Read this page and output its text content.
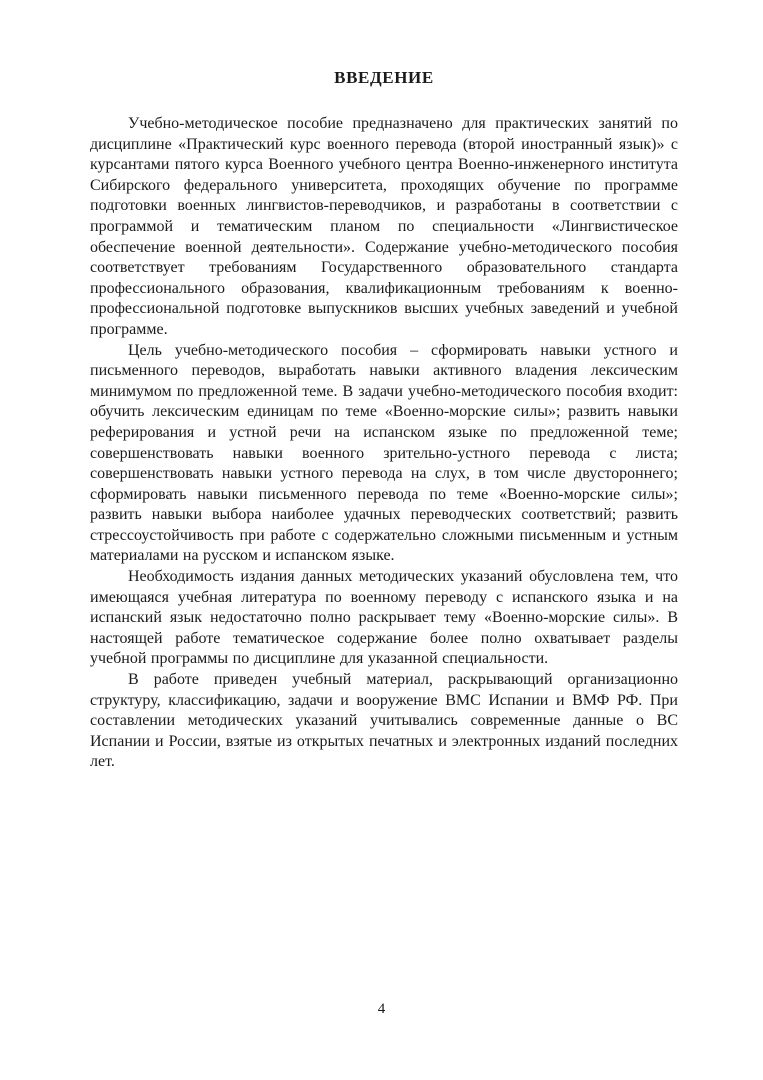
ВВЕДЕНИЕ

Учебно-методическое пособие предназначено для практических занятий по дисциплине «Практический курс военного перевода (второй иностранный язык)» с курсантами пятого курса Военного учебного центра Военно-инженерного института Сибирского федерального университета, проходящих обучение по программе подготовки военных лингвистов-переводчиков, и разработаны в соответствии с программой и тематическим планом по специальности «Лингвистическое обеспечение военной деятельности». Содержание учебно-методического пособия соответствует требованиям Государственного образовательного стандарта профессионального образования, квалификационным требованиям к военно-профессиональной подготовке выпускников высших учебных заведений и учебной программе.

Цель учебно-методического пособия – сформировать навыки устного и письменного переводов, выработать навыки активного владения лексическим минимумом по предложенной теме. В задачи учебно-методического пособия входит: обучить лексическим единицам по теме «Военно-морские силы»; развить навыки реферирования и устной речи на испанском языке по предложенной теме; совершенствовать навыки военного зрительно-устного перевода с листа; совершенствовать навыки устного перевода на слух, в том числе двустороннего; сформировать навыки письменного перевода по теме «Военно-морские силы»; развить навыки выбора наиболее удачных переводческих соответствий; развить стрессоустойчивость при работе с содержательно сложными письменным и устным материалами на русском и испанском языке.

Необходимость издания данных методических указаний обусловлена тем, что имеющаяся учебная литература по военному переводу с испанского языка и на испанский язык недостаточно полно раскрывает тему «Военно-морские силы». В настоящей работе тематическое содержание более полно охватывает разделы учебной программы по дисциплине для указанной специальности.

В работе приведен учебный материал, раскрывающий организационно структуру, классификацию, задачи и вооружение ВМС Испании и ВМФ РФ. При составлении методических указаний учитывались современные данные о ВС Испании и России, взятые из открытых печатных и электронных изданий последних лет.

4
